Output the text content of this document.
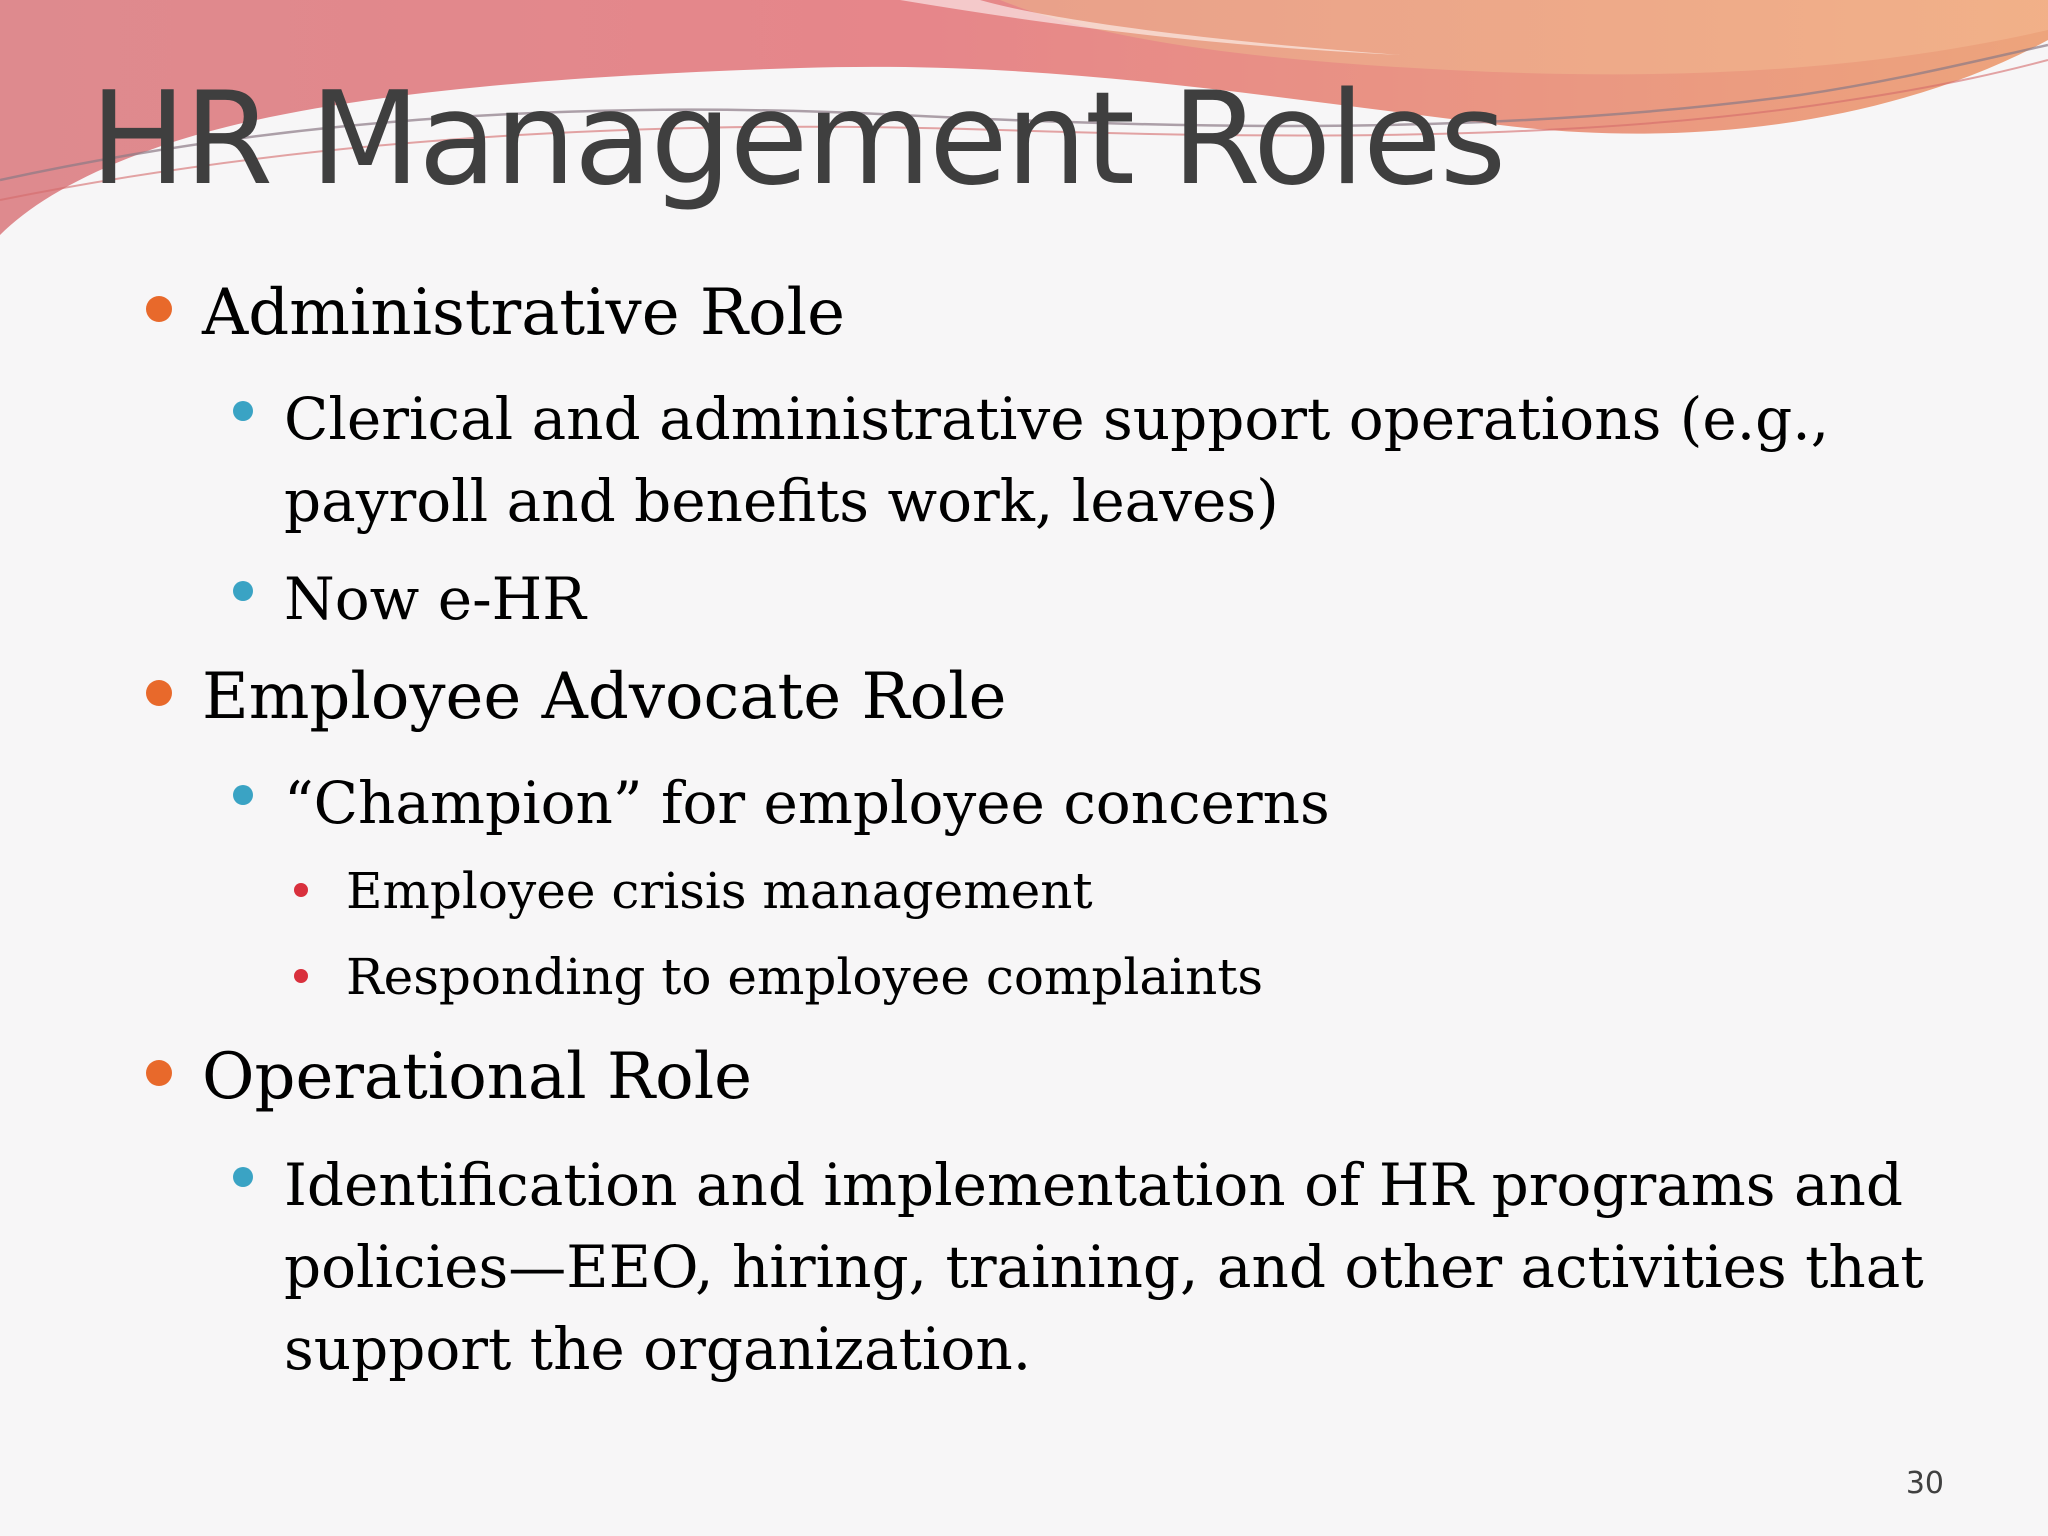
HR Management Roles
Administrative Role
Clerical and administrative support operations (e.g.,
payroll and benefits work, leaves)
Now e-HR
Employee Advocate Role
“Champion” for employee concerns
Employee crisis management
Responding to employee complaints
Operational Role
Identification and implementation of HR programs and
policies—EEO, hiring, training, and other activities that
support the organization.
30
